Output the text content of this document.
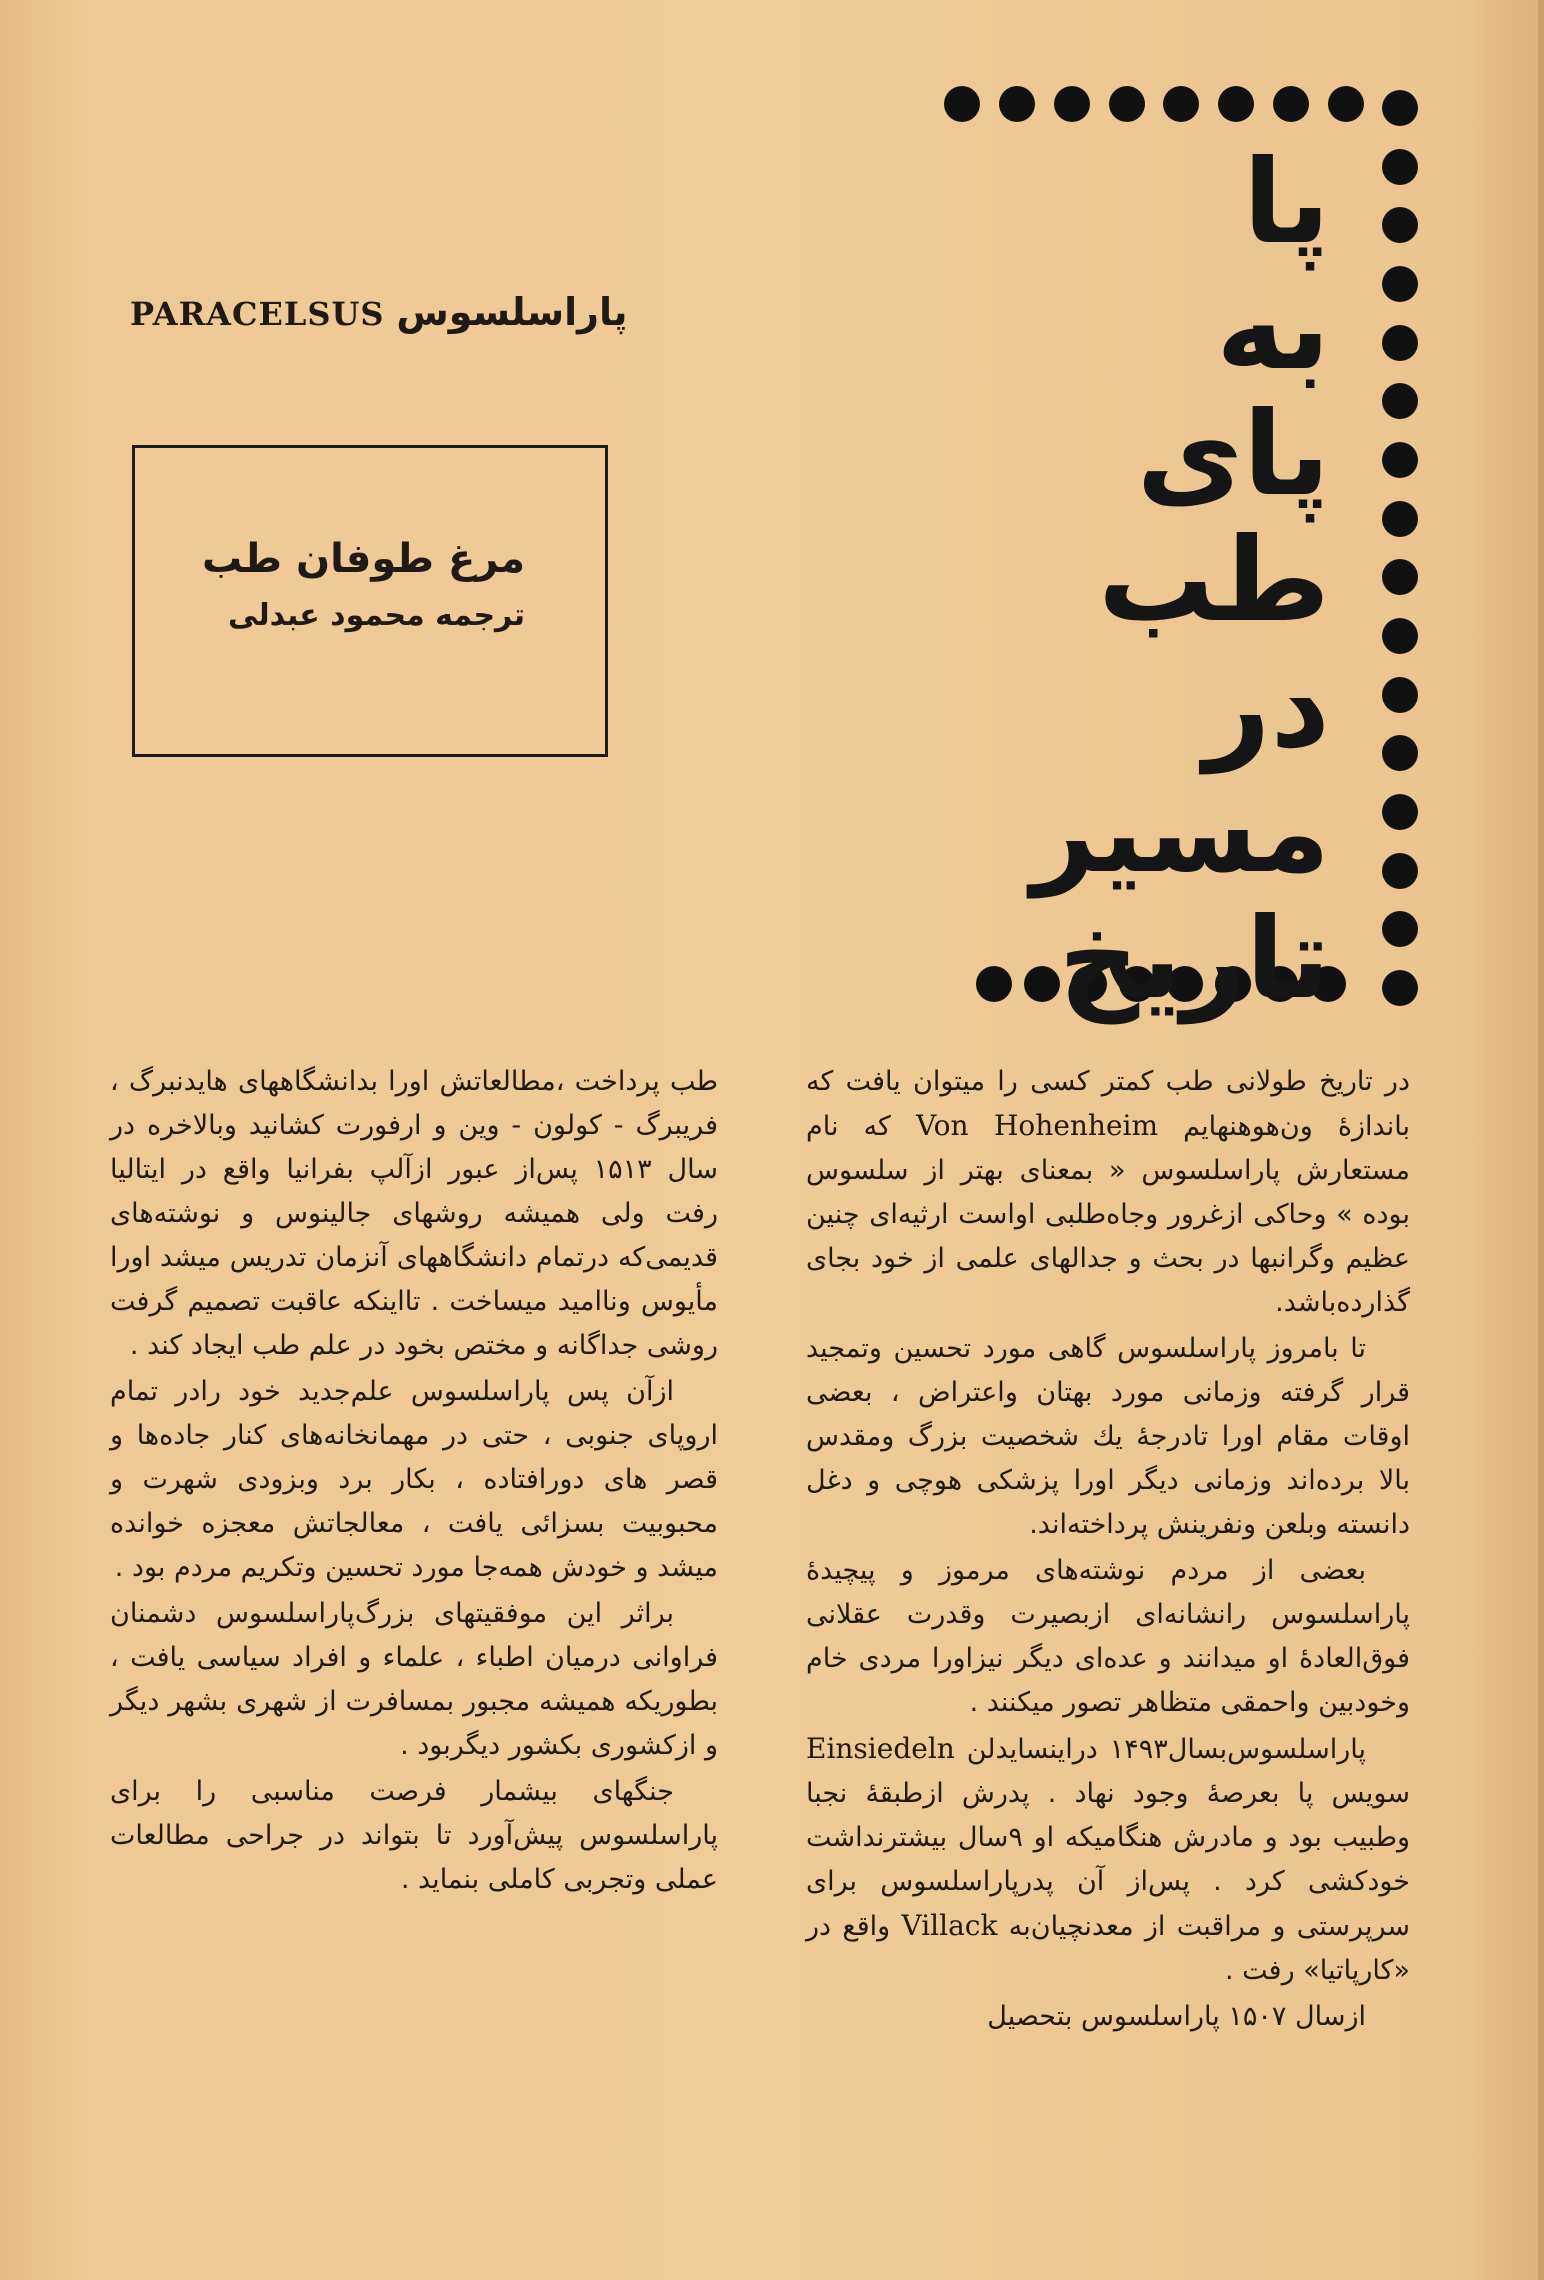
پا
به
پای
طب
در
مسیر تاریخ
پاراسلسوس PARACELSUS
مرغ طوفان طب
ترجمه محمود عبدلی

در تاریخ طولانی طب کمتر کسی را میتوان یافت که باندازهٔ ون‌هوهنهایم Von Hohenheim که نام مستعارش پاراسلسوس « بمعنای بهتر از سلسوس بوده » وحاکی ازغرور وجاه‌طلبی اواست ارثیه‌ای چنین عظیم وگرانبها در بحث و جدالهای علمی از خود بجای گذارده‌باشد.

تا بامروز پاراسلسوس گاهی مورد تحسین وتمجید قرار گرفته وزمانی مورد بهتان واعتراض ، بعضی اوقات مقام اورا تادرجهٔ یك شخصیت بزرگ ومقدس بالا برده‌اند وزمانی دیگر اورا پزشکی هوچی و دغل دانسته وبلعن ونفرینش پرداخته‌اند.

بعضی از مردم نوشته‌های مرموز و پیچیدهٔ پاراسلسوس رانشانه‌ای ازبصیرت وقدرت عقلانی فوق‌العادهٔ او میدانند و عده‌ای دیگر نیزاورا مردی خام وخودبین واحمقی متظاهر تصور میکنند .

پاراسلسوس‌بسال۱۴۹۳ دراینسایدلن Einsiedeln سویس پا بعرصهٔ وجود نهاد . پدرش ازطبقهٔ نجبا وطبیب بود و مادرش هنگامیکه او ۹سال بیشترنداشت خودکشی کرد . پس‌از آن پدرپاراسلسوس برای سرپرستی و مراقبت از معدنچیان‌به Villack واقع در «کارپاتیا» رفت .

ازسال ۱۵۰۷ پاراسلسوس بتحصیل

طب پرداخت ،مطالعاتش اورا بدانشگاههای هایدنبرگ ، فریبرگ - کولون - وین و ارفورت کشانید وبالاخره در سال ۱۵۱۳ پس‌از عبور ازآلپ بفرانیا واقع در ایتالیا رفت ولی همیشه روشهای جالینوس و نوشته‌های قدیمی‌که درتمام دانشگاههای آنزمان تدریس میشد اورا مأیوس وناامید میساخت . تااینکه عاقبت تصمیم گرفت روشی جداگانه و مختص بخود در علم طب ایجاد کند .

ازآن پس پاراسلسوس علم‌جدید خود رادر تمام اروپای جنوبی ، حتی در مهمانخانه‌های کنار جاده‌ها و قصر های دورافتاده ، بکار برد وبزودی شهرت و محبوبیت بسزائی یافت ، معالجاتش معجزه خوانده میشد و خودش همه‌جا مورد تحسین وتکریم مردم بود .

براثر این موفقیتهای بزرگ‌پاراسلسوس دشمنان فراوانی درمیان اطباء ، علماء و افراد سیاسی یافت ، بطوریکه همیشه مجبور بمسافرت از شهری بشهر دیگر و ازکشوری بکشور دیگربود .

جنگهای بیشمار فرصت مناسبی را برای پاراسلسوس پیش‌آورد تا بتواند در جراحی مطالعات عملی وتجربی کاملی بنماید .
